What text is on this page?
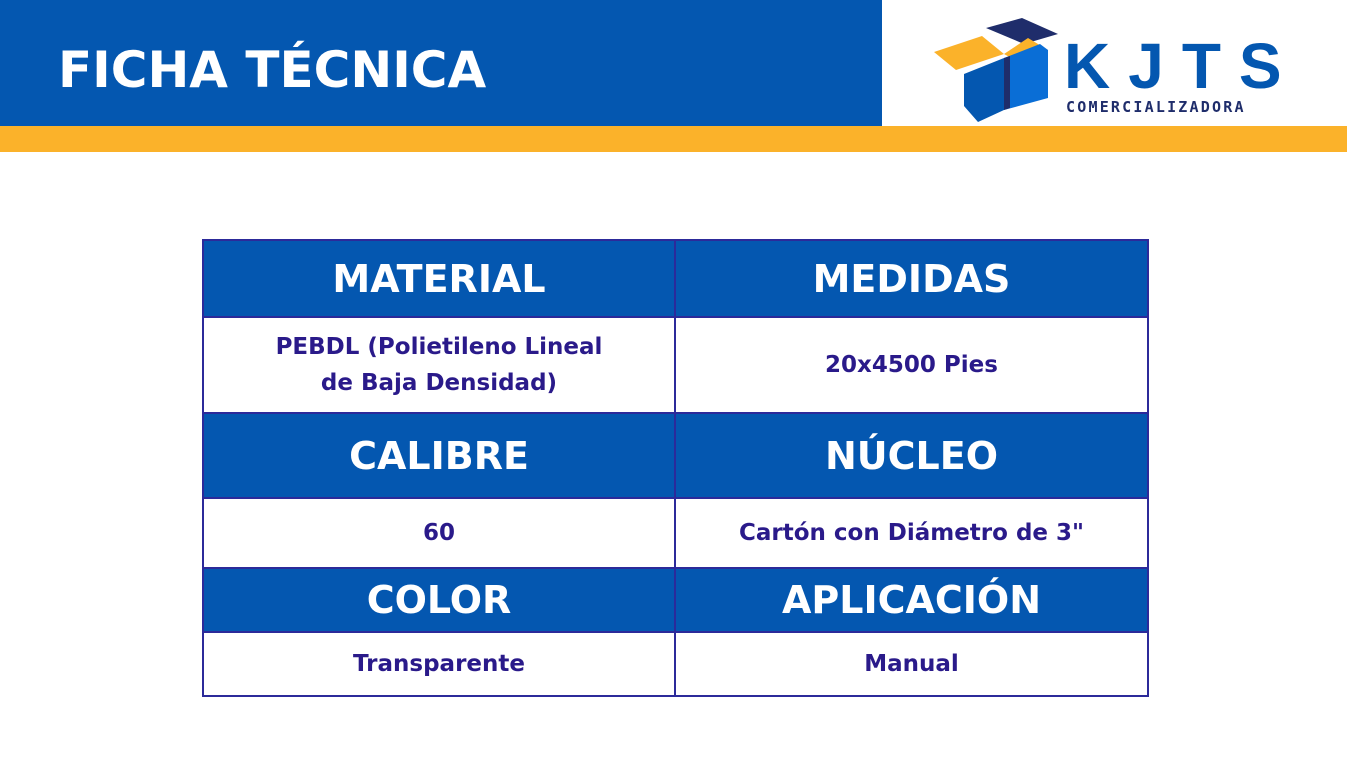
FICHA TÉCNICA	KJTS
COMERCIALIZADORA
MATERIAL	MEDIDAS
PEBDL (Polietileno Lineal de Baja Densidad)	20x4500 Pies
CALIBRE	NÚCLEO
60	Cartón con Diámetro de 3"
COLOR	APLICACIÓN
Transparente	Manual
